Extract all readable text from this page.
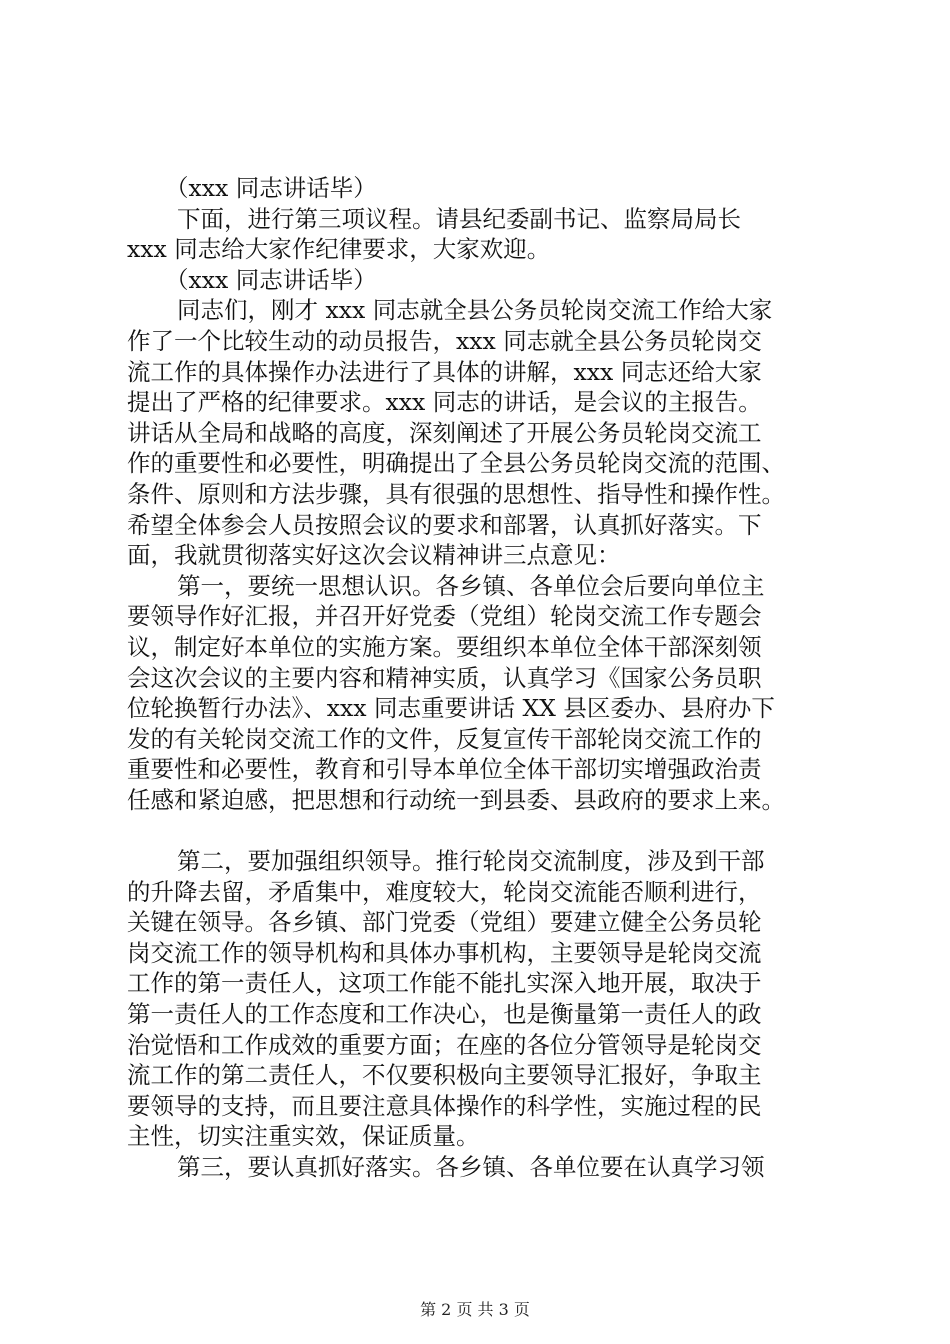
（xxx 同志讲话毕）
下面，进行第三项议程。请县纪委副书记、监察局局长
xxx 同志给大家作纪律要求，大家欢迎。
（xxx 同志讲话毕）
同志们，刚才 xxx 同志就全县公务员轮岗交流工作给大家
作了一个比较生动的动员报告，xxx 同志就全县公务员轮岗交
流工作的具体操作办法进行了具体的讲解，xxx 同志还给大家
提出了严格的纪律要求。xxx 同志的讲话，是会议的主报告。
讲话从全局和战略的高度，深刻阐述了开展公务员轮岗交流工
作的重要性和必要性，明确提出了全县公务员轮岗交流的范围、
条件、原则和方法步骤，具有很强的思想性、指导性和操作性。
希望全体参会人员按照会议的要求和部署，认真抓好落实。下
面，我就贯彻落实好这次会议精神讲三点意见：
第一，要统一思想认识。各乡镇、各单位会后要向单位主
要领导作好汇报，并召开好党委（党组）轮岗交流工作专题会
议，制定好本单位的实施方案。要组织本单位全体干部深刻领
会这次会议的主要内容和精神实质，认真学习《国家公务员职
位轮换暂行办法》、xxx 同志重要讲话 XX 县区委办、县府办下
发的有关轮岗交流工作的文件，反复宣传干部轮岗交流工作的
重要性和必要性，教育和引导本单位全体干部切实增强政治责
任感和紧迫感，把思想和行动统一到县委、县政府的要求上来。
第二，要加强组织领导。推行轮岗交流制度，涉及到干部
的升降去留，矛盾集中，难度较大，轮岗交流能否顺利进行，
关键在领导。各乡镇、部门党委（党组）要建立健全公务员轮
岗交流工作的领导机构和具体办事机构，主要领导是轮岗交流
工作的第一责任人，这项工作能不能扎实深入地开展，取决于
第一责任人的工作态度和工作决心，也是衡量第一责任人的政
治觉悟和工作成效的重要方面；在座的各位分管领导是轮岗交
流工作的第二责任人，不仅要积极向主要领导汇报好，争取主
要领导的支持，而且要注意具体操作的科学性，实施过程的民
主性，切实注重实效，保证质量。
第三，要认真抓好落实。各乡镇、各单位要在认真学习领
第 2 页 共 3 页
